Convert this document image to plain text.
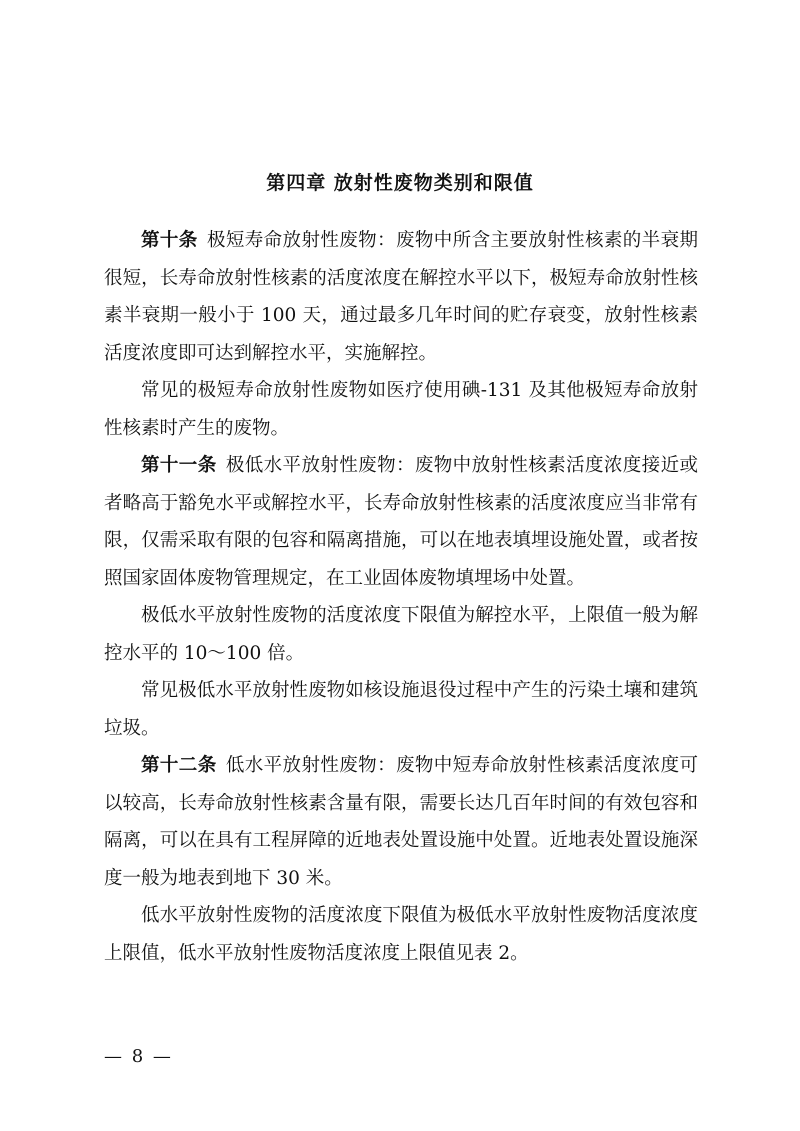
第四章 放射性废物类别和限值

第十条 极短寿命放射性废物：废物中所含主要放射性核素的半衰期很短，长寿命放射性核素的活度浓度在解控水平以下，极短寿命放射性核素半衰期一般小于 100 天，通过最多几年时间的贮存衰变，放射性核素活度浓度即可达到解控水平，实施解控。

常见的极短寿命放射性废物如医疗使用碘-131 及其他极短寿命放射性核素时产生的废物。

第十一条 极低水平放射性废物：废物中放射性核素活度浓度接近或者略高于豁免水平或解控水平，长寿命放射性核素的活度浓度应当非常有限，仅需采取有限的包容和隔离措施，可以在地表填埋设施处置，或者按照国家固体废物管理规定，在工业固体废物填埋场中处置。

极低水平放射性废物的活度浓度下限值为解控水平，上限值一般为解控水平的 10～100 倍。

常见极低水平放射性废物如核设施退役过程中产生的污染土壤和建筑垃圾。

第十二条 低水平放射性废物：废物中短寿命放射性核素活度浓度可以较高，长寿命放射性核素含量有限，需要长达几百年时间的有效包容和隔离，可以在具有工程屏障的近地表处置设施中处置。近地表处置设施深度一般为地表到地下 30 米。

低水平放射性废物的活度浓度下限值为极低水平放射性废物活度浓度上限值，低水平放射性废物活度浓度上限值见表 2。

— 8 —
